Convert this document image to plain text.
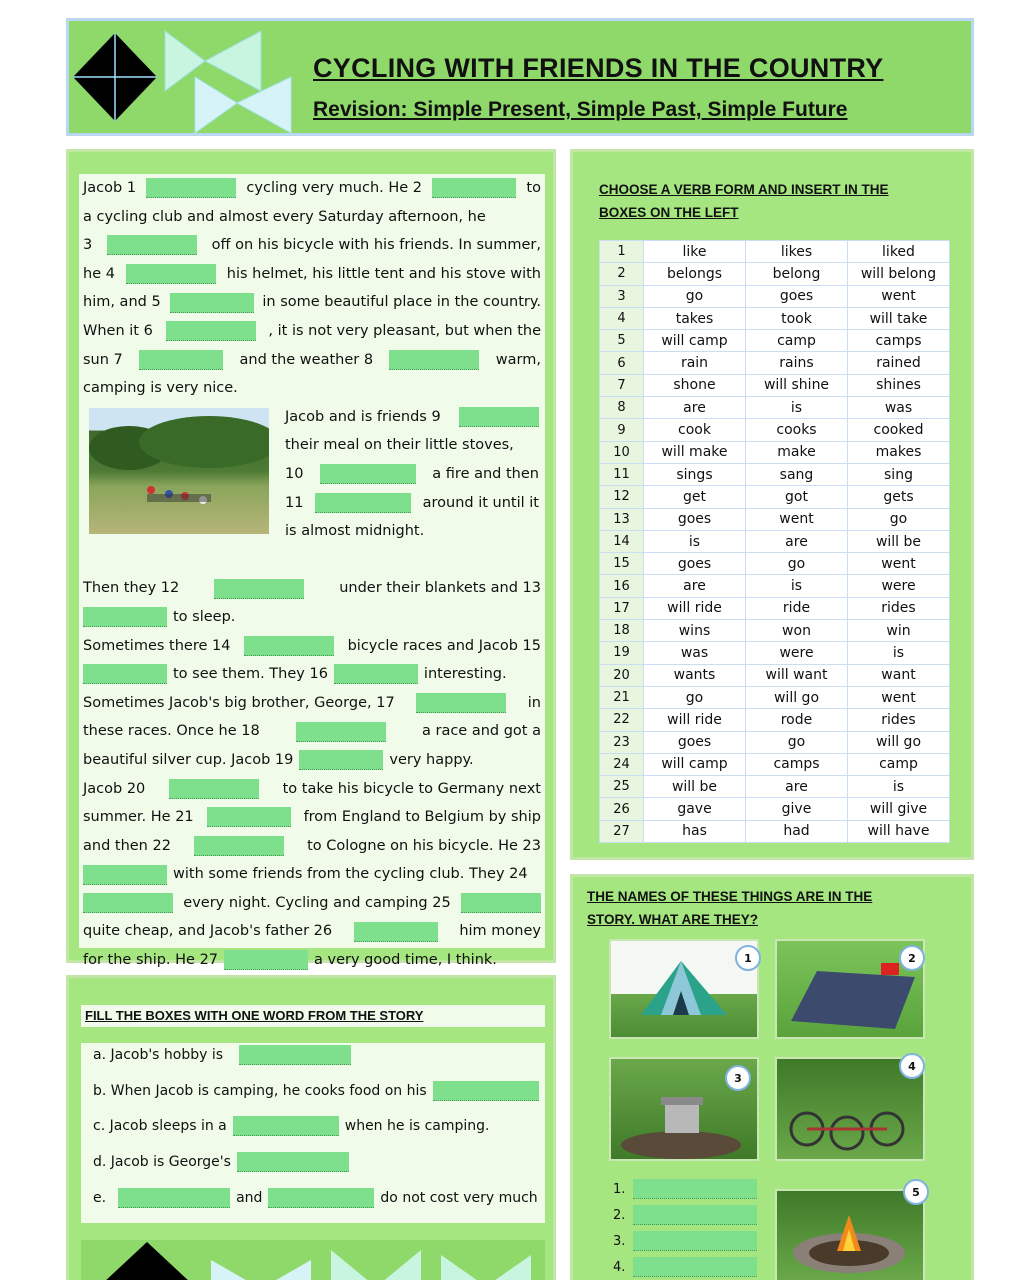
CYCLING WITH FRIENDS IN THE COUNTRY
Revision: Simple Present, Simple Past, Simple Future
Jacob 1	cycling very much. He 2	to
a cycling club and almost every Saturday afternoon, he
3	off on his bicycle with his friends. In summer,
he 4	his helmet, his little tent and his stove with
him, and 5	in some beautiful place in the country.
When it 6	, it is not very pleasant, but when the
sun 7	and the weather 8	warm,
camping is very nice.
Jacob and is friends 9
their meal on their little stoves,
10	a fire and then
11	around it until it
is almost midnight.
Then they 12	under their blankets and 13
to sleep.
Sometimes there 14	bicycle races and Jacob 15
to see them. They 16	interesting.
Sometimes Jacob's big brother, George, 17	in
these races. Once he 18	a race and got a
beautiful silver cup. Jacob 19	very happy.
Jacob 20	to take his bicycle to Germany next
summer. He 21	from England to Belgium by ship
and then 22	to Cologne on his bicycle. He 23
with some friends from the cycling club. They 24
every night. Cycling and camping 25
quite cheap, and Jacob's father 26	him money
for the ship. He 27	a very good time, I think.
CHOOSE A VERB FORM AND INSERT IN THE
BOXES ON THE LEFT
1	like	likes	liked
2	belongs	belong	will belong
3	go	goes	went
4	takes	took	will take
5	will camp	camp	camps
6	rain	rains	rained
7	shone	will shine	shines
8	are	is	was
9	cook	cooks	cooked
10	will make	make	makes
11	sings	sang	sing
12	get	got	gets
13	goes	went	go
14	is	are	will be
15	goes	go	went
16	are	is	were
17	will ride	ride	rides
18	wins	won	win
19	was	were	is
20	wants	will want	want
21	go	will go	went
22	will ride	rode	rides
23	goes	go	will go
24	will camp	camps	camp
25	will be	are	is
26	gave	give	will give
27	has	had	will have
FILL THE BOXES WITH ONE WORD FROM THE STORY
a. Jacob's hobby is
b. When Jacob is camping, he cooks food on his
c. Jacob sleeps in a	when he is camping.
d. Jacob is George's
e.	and	do not cost very much
THE NAMES OF THESE THINGS ARE IN THE
STORY. WHAT ARE THEY?
1	2
3
4
1.
2.
3.
4.
5
